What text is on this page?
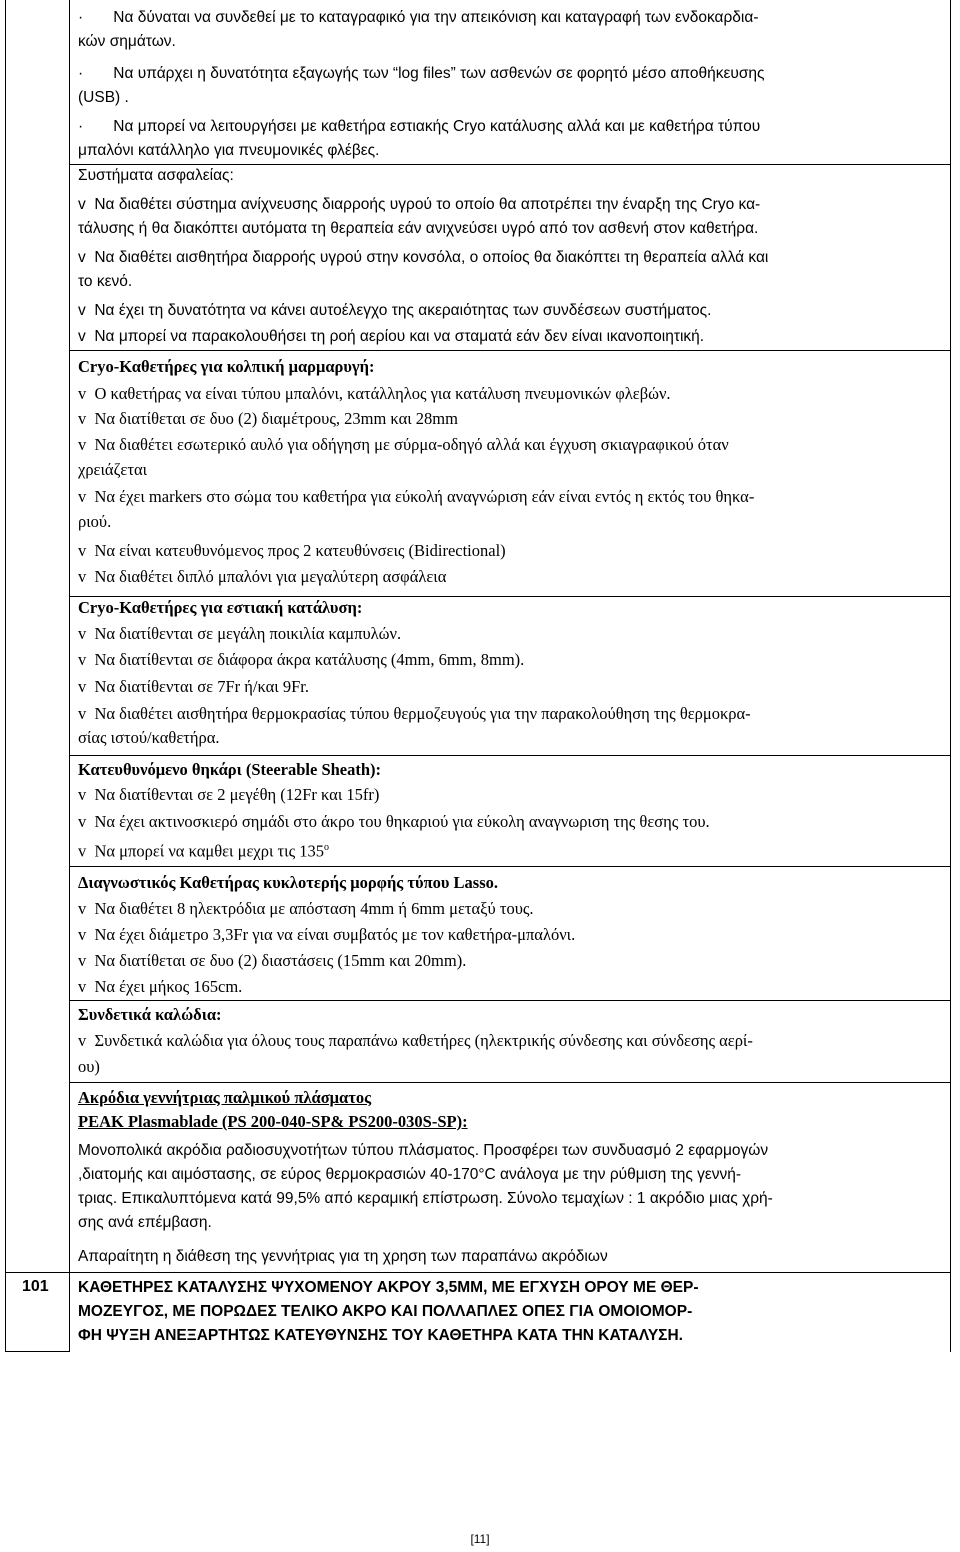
·       Να δύναται να συνδεθεί με το καταγραφικό για την απεικόνιση και καταγραφή των ενδοκαρδια-
κών σημάτων.
·       Να υπάρχει η δυνατότητα εξαγωγής των “log files” των ασθενών σε φορητό μέσο αποθήκευσης
(USB) .
·       Να μπορεί να λειτουργήσει με καθετήρα εστιακής Cryo κατάλυσης αλλά και με καθετήρα τύπου
μπαλόνι κατάλληλο για πνευμονικές φλέβες.
Συστήματα ασφαλείας:
v  Να διαθέτει σύστημα ανίχνευσης διαρροής υγρού το οποίο θα αποτρέπει την έναρξη της Cryo κα-
τάλυσης ή θα διακόπτει αυτόματα τη θεραπεία εάν ανιχνεύσει υγρό από τον ασθενή στον καθετήρα.
v  Να διαθέτει αισθητήρα διαρροής υγρού στην κονσόλα, ο οποίος θα διακόπτει τη θεραπεία αλλά και
το κενό.
v  Να έχει τη δυνατότητα να κάνει αυτοέλεγχο της ακεραιότητας των συνδέσεων συστήματος.
v  Να μπορεί να παρακολουθήσει τη ροή αερίου και να σταματά εάν δεν είναι ικανοποιητική.
Cryo-Καθετήρες για κολπική μαρμαρυγή:
v  Ο καθετήρας να είναι τύπου μπαλόνι, κατάλληλος για κατάλυση πνευμονικών φλεβών.
v  Να διατίθεται σε δυο (2) διαμέτρους, 23mm και 28mm
v  Να διαθέτει εσωτερικό αυλό για οδήγηση με σύρμα-οδηγό αλλά και έγχυση σκιαγραφικού όταν
χρειάζεται
v  Να έχει markers στο σώμα του καθετήρα για εύκολή αναγνώριση εάν είναι εντός η εκτός του θηκα-
ριού.
v  Να είναι κατευθυνόμενος προς 2 κατευθύνσεις (Bidirectional)
v  Να διαθέτει διπλό μπαλόνι για μεγαλύτερη ασφάλεια
Cryo-Καθετήρες για εστιακή κατάλυση:
v  Να διατίθενται σε μεγάλη ποικιλία καμπυλών.
v  Να διατίθενται σε διάφορα άκρα κατάλυσης (4mm, 6mm, 8mm).
v  Να διατίθενται σε 7Fr ή/και 9Fr.
v  Να διαθέτει αισθητήρα θερμοκρασίας τύπου θερμοζευγούς για την παρακολούθηση της θερμοκρα-
σίας ιστού/καθετήρα.
Κατευθυνόμενο θηκάρι (Steerable Sheath):
v  Να διατίθενται σε 2 μεγέθη (12Fr και 15fr)
v  Να έχει ακτινοσκιερό σημάδι στο άκρο του θηκαριού για εύκολη αναγνωριση της θεσης του.
v  Να μπορεί να καμθει μεχρι τις $135^o$
Διαγνωστικός Καθετήρας κυκλοτερής μορφής τύπου Lasso.
v  Να διαθέτει 8 ηλεκτρόδια με απόσταση 4mm ή 6mm μεταξύ τους.
v  Να έχει διάμετρο 3,3Fr για να είναι συμβατός με τον καθετήρα-μπαλόνι.
v  Να διατίθεται σε δυο (2) διαστάσεις (15mm και 20mm).
v  Να έχει μήκος 165cm.
Συνδετικά καλώδια:
v  Συνδετικά καλώδια για όλους τους παραπάνω καθετήρες (ηλεκτρικής σύνδεσης και σύνδεσης αερί-
ου)
Ακρόδια γεννήτριας παλμικού πλάσματος
PEAK Plasmablade (PS 200-040-SP& PS200-030S-SP):
Μονοπολικά ακρόδια ραδιοσυχνοτήτων τύπου πλάσματος. Προσφέρει των συνδυασμό 2 εφαρμογών
,διατομής και αιμόστασης, σε εύρος θερμοκρασιών 40-170°C ανάλογα με την ρύθμιση της γεννή-
τριας. Επικαλυπτόμενα κατά 99,5% από κεραμική επίστρωση. Σύνολο τεμαχίων : 1 ακρόδιο μιας χρή-
σης ανά επέμβαση.
Απαραίτητη η διάθεση της γεννήτριας για τη χρηση των παραπάνω ακρόδιων
101 ΚΑΘΕΤΗΡΕΣ ΚΑΤΑΛΥΣΗΣ ΨΥΧΟΜΕΝΟΥ ΑΚΡΟΥ 3,5ΜΜ, ΜΕ ΕΓΧΥΣΗ ΟΡΟΥ ΜΕ ΘΕΡ-
ΜΟΖΕΥΓΟΣ, ΜΕ ΠΟΡΩΔΕΣ ΤΕΛΙΚΟ ΑΚΡΟ ΚΑΙ ΠΟΛΛΑΠΛΕΣ ΟΠΕΣ ΓΙΑ ΟΜΟΙΟΜΟΡ-
ΦΗ ΨΥΞΗ ΑΝΕΞΑΡΤΗΤΩΣ ΚΑΤΕΥΘΥΝΣΗΣ ΤΟΥ ΚΑΘΕΤΗΡΑ ΚΑΤΑ ΤΗΝ ΚΑΤΑΛΥΣΗ.
[11]
